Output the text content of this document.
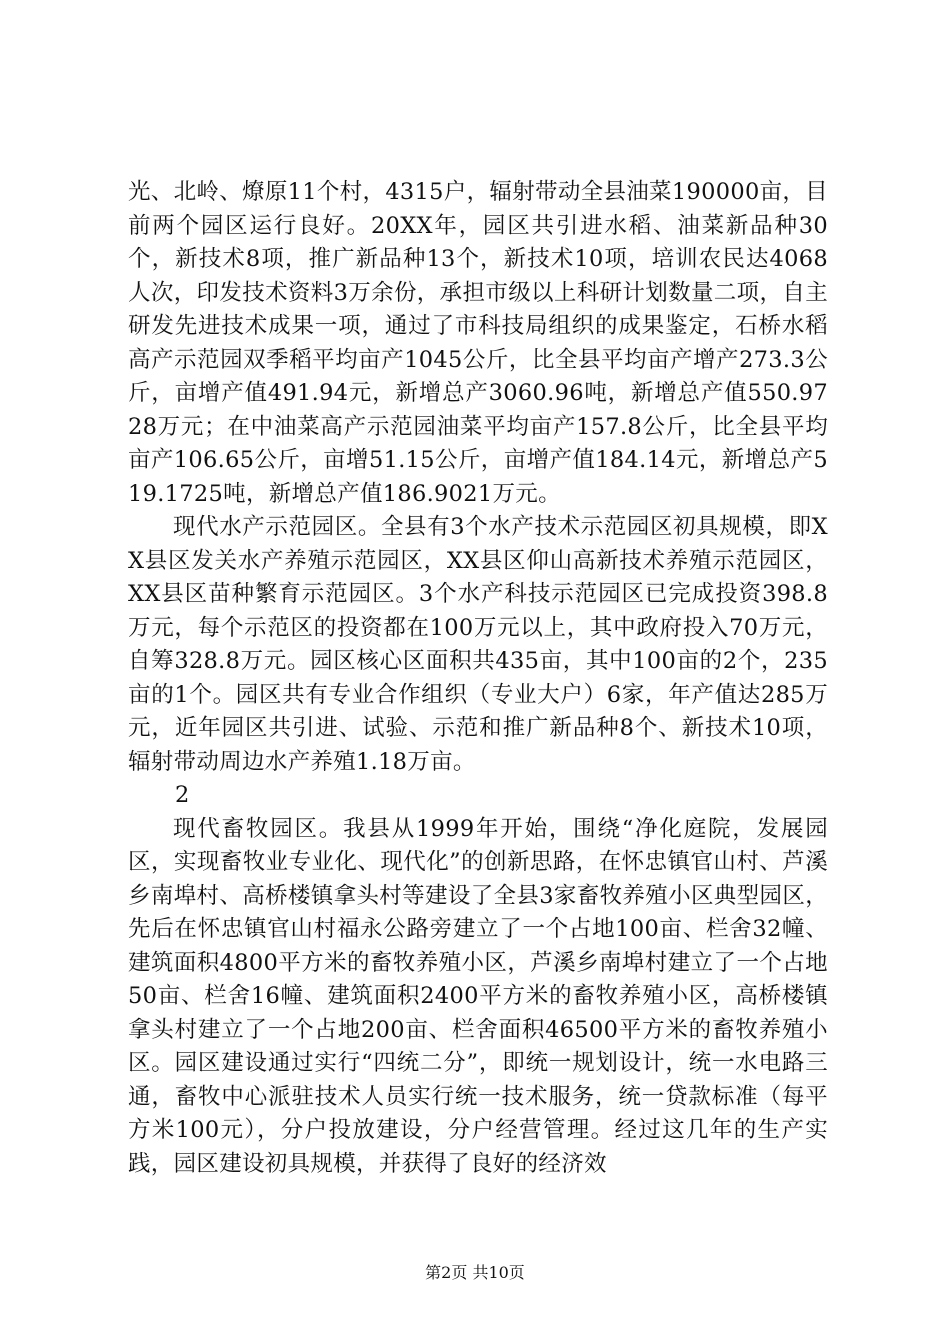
光、北岭、燎原11个村，4315户，辐射带动全县油菜190000亩，目前两个园区运行良好。20XX年，园区共引进水稻、油菜新品种30个，新技术8项，推广新品种13个，新技术10项，培训农民达4068人次，印发技术资料3万余份，承担市级以上科研计划数量二项，自主研发先进技术成果一项，通过了市科技局组织的成果鉴定，石桥水稻高产示范园双季稻平均亩产1045公斤，比全县平均亩产增产273.3公斤，亩增产值491.94元，新增总产3060.96吨，新增总产值550.9728万元；在中油菜高产示范园油菜平均亩产157.8公斤，比全县平均亩产106.65公斤，亩增51.15公斤，亩增产值184.14元，新增总产519.1725吨，新增总产值186.9021万元。

现代水产示范园区。全县有3个水产技术示范园区初具规模，即XX县区发关水产养殖示范园区，XX县区仰山高新技术养殖示范园区，XX县区苗种繁育示范园区。3个水产科技示范园区已完成投资398.8万元，每个示范区的投资都在100万元以上，其中政府投入70万元，自筹328.8万元。园区核心区面积共435亩，其中100亩的2个，235亩的1个。园区共有专业合作组织（专业大户）6家，年产值达285万元，近年园区共引进、试验、示范和推广新品种8个、新技术10项，辐射带动周边水产养殖1.18万亩。

2

现代畜牧园区。我县从1999年开始，围绕“净化庭院，发展园区，实现畜牧业专业化、现代化”的创新思路，在怀忠镇官山村、芦溪乡南埠村、高桥楼镇拿头村等建设了全县3家畜牧养殖小区典型园区，先后在怀忠镇官山村福永公路旁建立了一个占地100亩、栏舍32幢、建筑面积4800平方米的畜牧养殖小区，芦溪乡南埠村建立了一个占地50亩、栏舍16幢、建筑面积2400平方米的畜牧养殖小区，高桥楼镇拿头村建立了一个占地200亩、栏舍面积46500平方米的畜牧养殖小区。园区建设通过实行“四统二分”，即统一规划设计，统一水电路三通，畜牧中心派驻技术人员实行统一技术服务，统一贷款标准（每平方米100元），分户投放建设，分户经营管理。经过这几年的生产实践，园区建设初具规模，并获得了良好的经济效

第2页 共10页
